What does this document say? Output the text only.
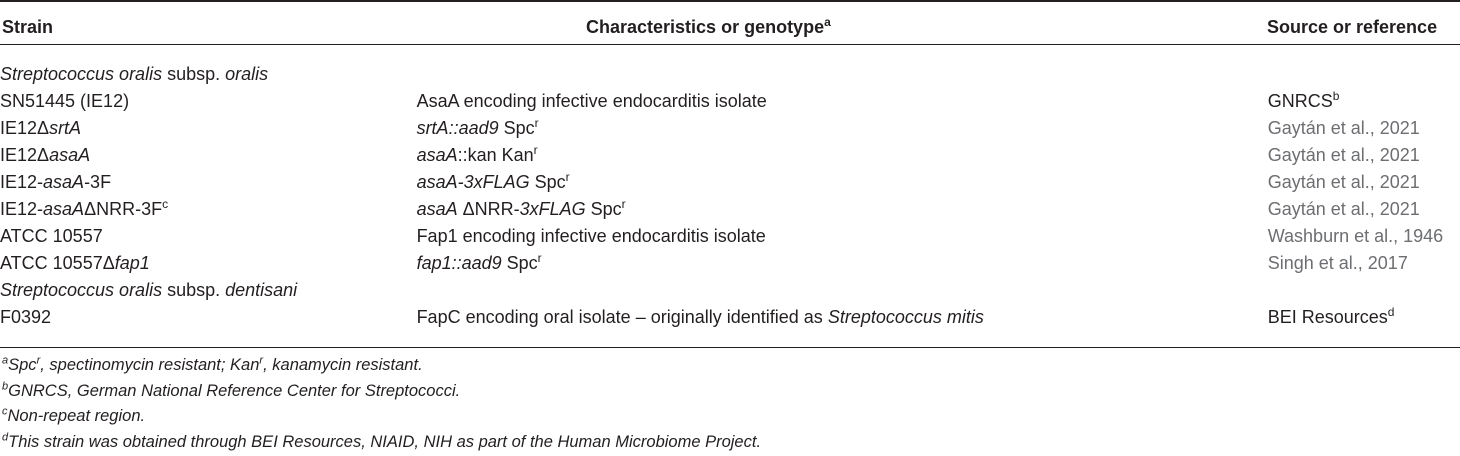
Strain	Characteristics or genotype$^a$	Source or reference
Streptococcus oralis subsp. oralis		
SN51445 (IE12)	AsaA encoding infective endocarditis isolate	GNRCS$^b$
IE12ΔsrtA	srtA::aad9 Spc$^r$	Gaytán et al., 2021
IE12ΔasaA	asaA::kan Kan$^r$	Gaytán et al., 2021
IE12-asaA-3F	asaA-3xFLAG Spc$^r$	Gaytán et al., 2021
$IE12-asaA\Delta NRR-3F^c$	asaA ΔNRR-3xFLAG Spc$^r$	Gaytán et al., 2021
ATCC 10557	Fap1 encoding infective endocarditis isolate	Washburn et al., 1946
ATCC 10557Δfap1	fap1::aad9 Spc$^r$	Singh et al., 2017
Streptococcus oralis subsp. dentisani		
F0392	FapC encoding oral isolate – originally identified as Streptococcus mitis	BEI Resources$^d$
$^a$Spc$^r$, spectinomycin resistant; Kan$^r$, kanamycin resistant.
$^b$GNRCS, German National Reference Center for Streptococci.
$^c$Non-repeat region.
$^d$This strain was obtained through BEI Resources, NIAID, NIH as part of the Human Microbiome Project.
